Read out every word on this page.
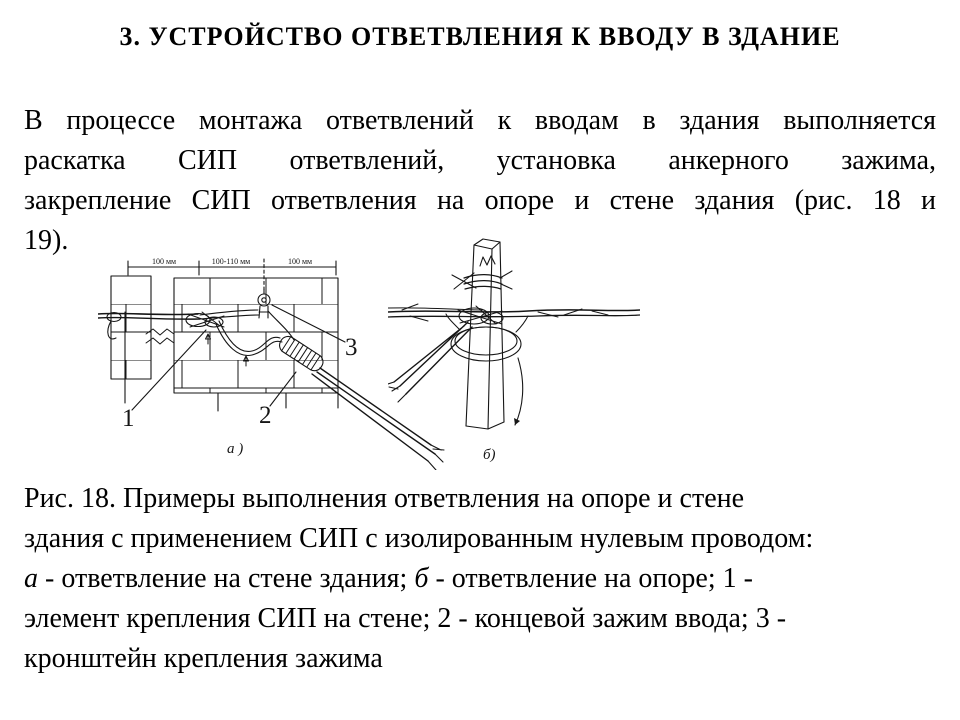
3. УСТРОЙСТВО ОТВЕТВЛЕНИЯ К ВВОДУ В ЗДАНИЕ
В процессе монтажа ответвлений к вводам в здания выполняется
раскатка СИП ответвлений, установка анкерного зажима,
закрепление СИП ответвления на опоре и стене здания (рис. 18 и
19).
100 мм	100-110 мм	100 мм
1	2
3
а )	б)
Рис. 18. Примеры выполнения ответвления на опоре и стене
здания с применением СИП с изолированным нулевым проводом:
а - ответвление на стене здания; б - ответвление на опоре; 1 -
элемент крепления СИП на стене; 2 - концевой зажим ввода; 3 -
кронштейн крепления зажима
